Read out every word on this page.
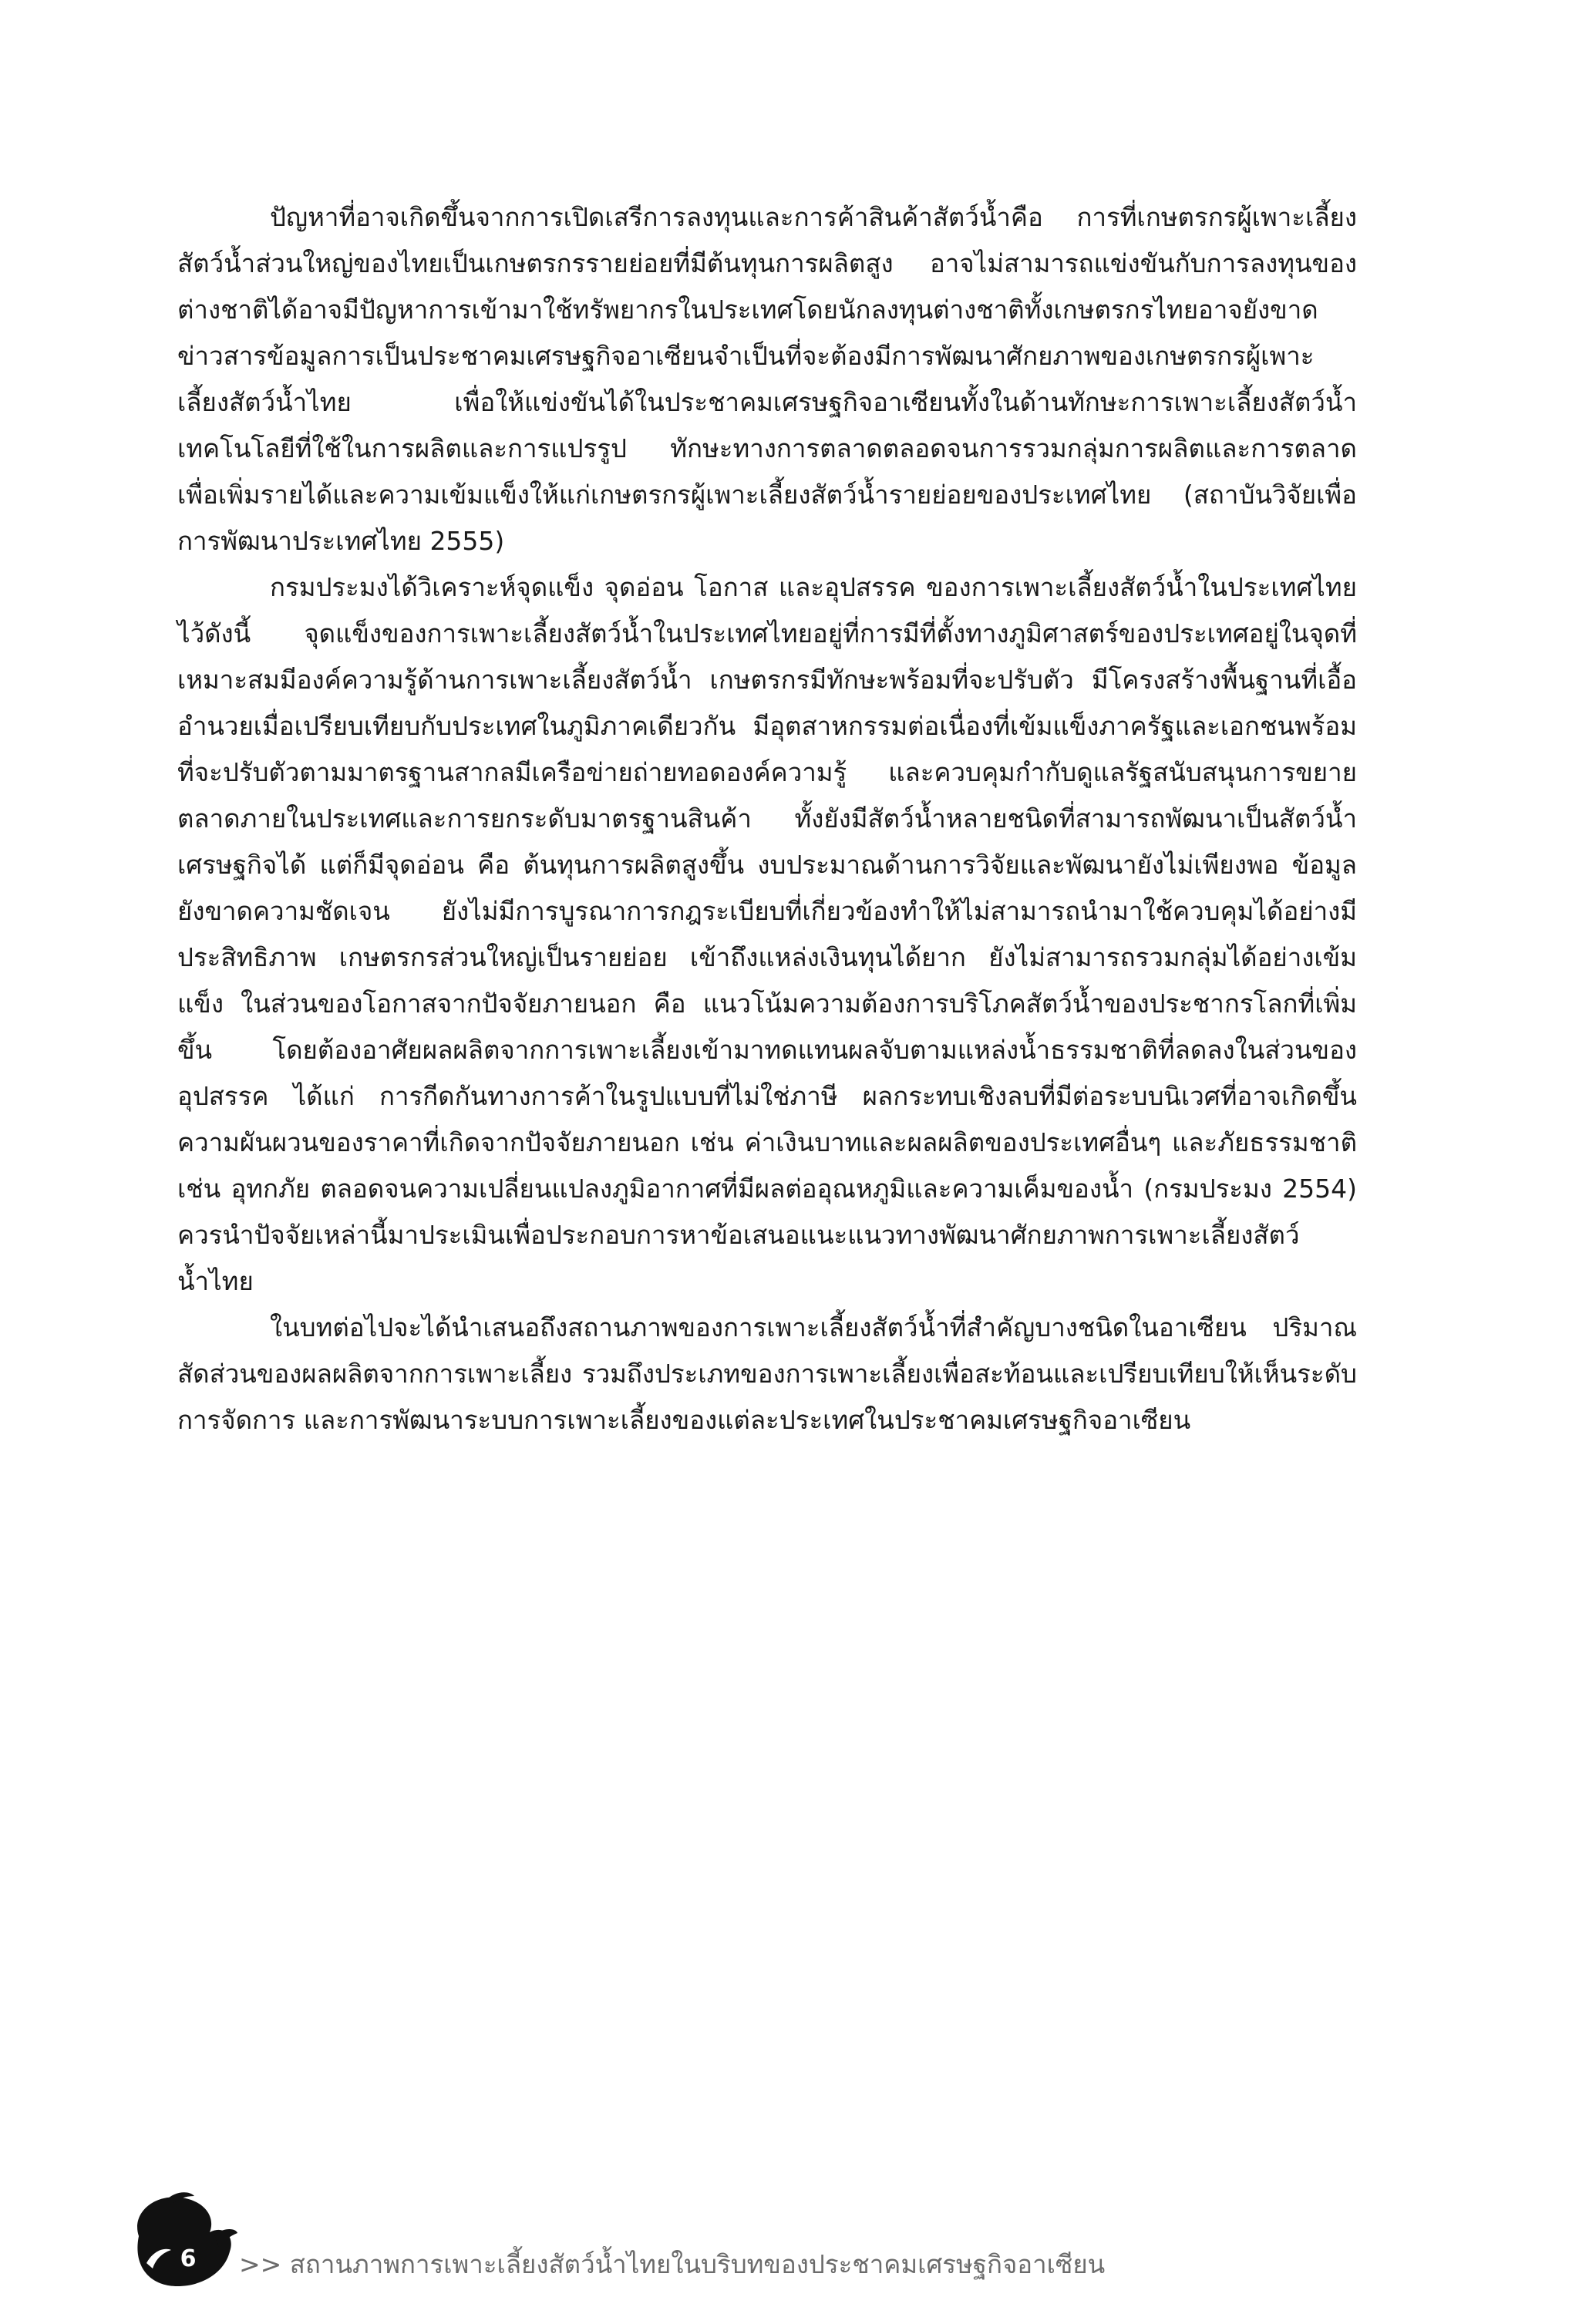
ปัญหาที่อาจเกิดขึ้นจากการเปิดเสรีการลงทุนและการค้าสินค้าสัตว์น้ำคือ การที่เกษตรกรผู้เพาะเลี้ยงสัตว์น้ำส่วนใหญ่ของไทยเป็นเกษตรกรรายย่อยที่มีต้นทุนการผลิตสูง อาจไม่สามารถแข่งขันกับการลงทุนของต่างชาติได้อาจมีปัญหาการเข้ามาใช้ทรัพยากรในประเทศโดยนักลงทุนต่างชาติทั้งเกษตรกรไทยอาจยังขาดข่าวสารข้อมูลการเป็นประชาคมเศรษฐกิจอาเซียนจำเป็นที่จะต้องมีการพัฒนาศักยภาพของเกษตรกรผู้เพาะเลี้ยงสัตว์น้ำไทย เพื่อให้แข่งขันได้ในประชาคมเศรษฐกิจอาเซียนทั้งในด้านทักษะการเพาะเลี้ยงสัตว์น้ำ เทคโนโลยีที่ใช้ในการผลิตและการแปรรูป ทักษะทางการตลาดตลอดจนการรวมกลุ่มการผลิตและการตลาด เพื่อเพิ่มรายได้และความเข้มแข็งให้แก่เกษตรกรผู้เพาะเลี้ยงสัตว์น้ำรายย่อยของประเทศไทย (สถาบันวิจัยเพื่อการพัฒนาประเทศไทย 2555)

กรมประมงได้วิเคราะห์จุดแข็ง จุดอ่อน โอกาส และอุปสรรค ของการเพาะเลี้ยงสัตว์น้ำในประเทศไทยไว้ดังนี้ จุดแข็งของการเพาะเลี้ยงสัตว์น้ำในประเทศไทยอยู่ที่การมีที่ตั้งทางภูมิศาสตร์ของประเทศอยู่ในจุดที่เหมาะสมมีองค์ความรู้ด้านการเพาะเลี้ยงสัตว์น้ำ เกษตรกรมีทักษะพร้อมที่จะปรับตัว มีโครงสร้างพื้นฐานที่เอื้ออำนวยเมื่อเปรียบเทียบกับประเทศในภูมิภาคเดียวกัน มีอุตสาหกรรมต่อเนื่องที่เข้มแข็งภาครัฐและเอกชนพร้อมที่จะปรับตัวตามมาตรฐานสากลมีเครือข่ายถ่ายทอดองค์ความรู้ และควบคุมกำกับดูแลรัฐสนับสนุนการขยายตลาดภายในประเทศและการยกระดับมาตรฐานสินค้า ทั้งยังมีสัตว์น้ำหลายชนิดที่สามารถพัฒนาเป็นสัตว์น้ำเศรษฐกิจได้ แต่ก็มีจุดอ่อน คือ ต้นทุนการผลิตสูงขึ้น งบประมาณด้านการวิจัยและพัฒนายังไม่เพียงพอ ข้อมูลยังขาดความชัดเจน ยังไม่มีการบูรณาการกฎระเบียบที่เกี่ยวข้องทำให้ไม่สามารถนำมาใช้ควบคุมได้อย่างมีประสิทธิภาพ เกษตรกรส่วนใหญ่เป็นรายย่อย เข้าถึงแหล่งเงินทุนได้ยาก ยังไม่สามารถรวมกลุ่มได้อย่างเข้มแข็ง ในส่วนของโอกาสจากปัจจัยภายนอก คือ แนวโน้มความต้องการบริโภคสัตว์น้ำของประชากรโลกที่เพิ่มขึ้น โดยต้องอาศัยผลผลิตจากการเพาะเลี้ยงเข้ามาทดแทนผลจับตามแหล่งน้ำธรรมชาติที่ลดลงในส่วนของอุปสรรค ได้แก่ การกีดกันทางการค้าในรูปแบบที่ไม่ใช่ภาษี ผลกระทบเชิงลบที่มีต่อระบบนิเวศที่อาจเกิดขึ้น ความผันผวนของราคาที่เกิดจากปัจจัยภายนอก เช่น ค่าเงินบาทและผลผลิตของประเทศอื่นๆ และภัยธรรมชาติ เช่น อุทกภัย ตลอดจนความเปลี่ยนแปลงภูมิอากาศที่มีผลต่ออุณหภูมิและความเค็มของน้ำ (กรมประมง 2554) ควรนำปัจจัยเหล่านี้มาประเมินเพื่อประกอบการหาข้อเสนอแนะแนวทางพัฒนาศักยภาพการเพาะเลี้ยงสัตว์น้ำไทย

ในบทต่อไปจะได้นำเสนอถึงสถานภาพของการเพาะเลี้ยงสัตว์น้ำที่สำคัญบางชนิดในอาเซียน ปริมาณสัดส่วนของผลผลิตจากการเพาะเลี้ยง รวมถึงประเภทของการเพาะเลี้ยงเพื่อสะท้อนและเปรียบเทียบให้เห็นระดับการจัดการ และการพัฒนาระบบการเพาะเลี้ยงของแต่ละประเทศในประชาคมเศรษฐกิจอาเซียน

6 >> สถานภาพการเพาะเลี้ยงสัตว์น้ำไทยในบริบทของประชาคมเศรษฐกิจอาเซียน
